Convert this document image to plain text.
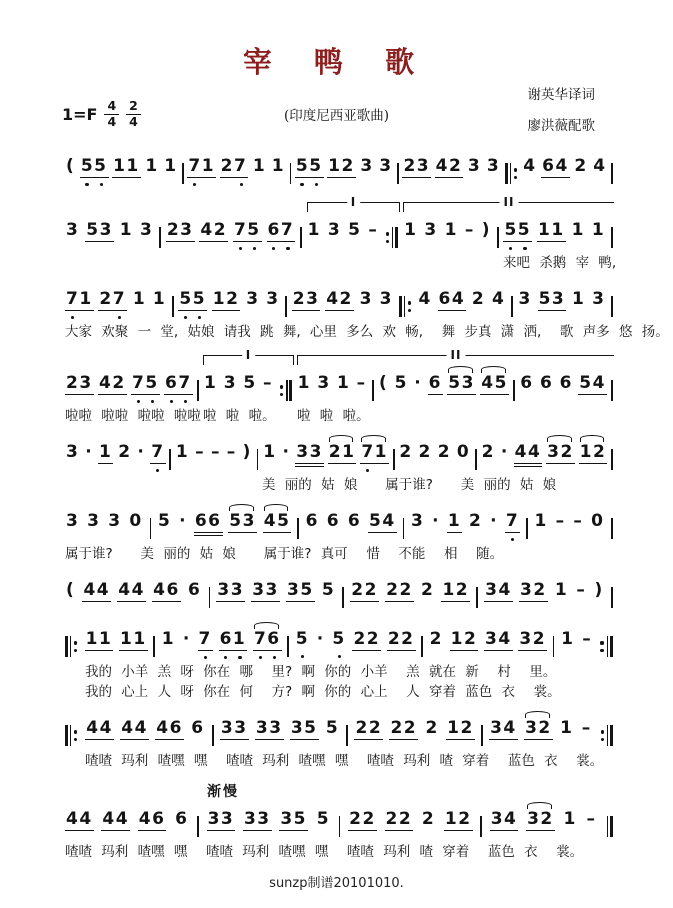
宰 鸭 歌
谢英华译词
廖洪薇配歌
$1=F \frac{4}{4} \frac{2}{4}$	(印度尼西亚歌曲)
( 55 11 1 1 71 27 1 1 55 12 3 3 23 42 3 3 4 64 2 4
3 53 1 3 23 42 75 67 1 3 5 – 1 3 1 – ) 55 11 1 1
来吧 杀鹅 宰 鸭,
I	II
71 27 1 1 55 12 3 3 23 42 3 3 4 64 2 4 3 53 1 3
大家 欢聚 一 堂, 姑娘 请我 跳 舞, 心里 多么 欢 畅,  舞 步真 潇 洒,  歌 声多 悠 扬。
23 42 75 67 1 3 5 – 1 3 1 – ( 5 · 6 53 45 6 6 6 54
啦啦 啦啦 啦啦 啦啦 啦 啦 啦。 啦 啦 啦。
I	II
3 · 1 2 · 7 1 – – – ) 1 · 33 21 71 2 2 2 0 2 · 44 32 12
美 丽的 姑 娘   属于谁?   美 丽的 姑 娘
3 3 3 0 5 · 66 53 45 6 6 6 54 3 · 1 2 · 7 1 – – 0
属于谁?   美 丽的 姑 娘   属于谁? 真可  惜  不能  相  随。
( 44 44 46 6 33 33 35 5 22 22 2 12 34 32 1 – )
11 11 1 · 7 61 76 5 · 5 22 22 2 12 34 32 1 –
我的 小羊 羔 呀 你在 哪  里? 啊 你的 小羊  羔 就在 新  村  里。
我的 心上 人 呀 你在 何  方? 啊 你的 心上  人 穿着 蓝色 衣  裳。
44 44 46 6 33 33 35 5 22 22 2 12 34 32 1 –
喳喳 玛利 喳嘿 嘿  喳喳 玛利 喳嘿 嘿  喳喳 玛利 喳 穿着  蓝色 衣  裳。
44 44 46 6 33 33 35 5 22 22 2 12 34 32 1 –
喳喳 玛利 喳嘿 嘿  喳喳 玛利 喳嘿 嘿  喳喳 玛利 喳 穿着  蓝色 衣  裳。
渐慢
sunzp制谱20101010.
